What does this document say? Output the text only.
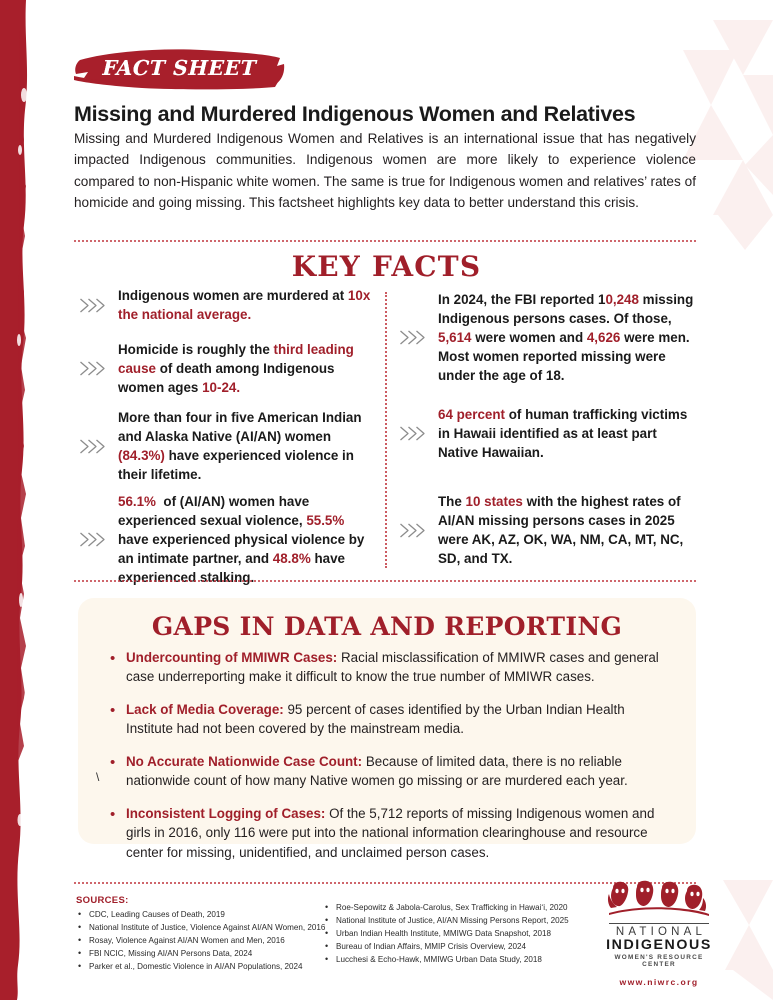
FACT SHEET
Missing and Murdered Indigenous Women and Relatives
Missing and Murdered Indigenous Women and Relatives is an international issue that has negatively impacted Indigenous communities. Indigenous women are more likely to experience violence compared to non-Hispanic white women. The same is true for Indigenous women and relatives’ rates of homicide and going missing. This factsheet highlights key data to better understand this crisis.
KEY FACTS
Indigenous women are murdered at 10x the national average.
Homicide is roughly the third leading cause of death among Indigenous women ages 10-24.
More than four in five American Indian and Alaska Native (AI/AN) women (84.3%) have experienced violence in their lifetime.
56.1%  of (AI/AN) women have experienced sexual violence, 55.5% have experienced physical violence by an intimate partner, and 48.8% have experienced stalking.
In 2024, the FBI reported 10,248 missing Indigenous persons cases. Of those, 5,614 were women and 4,626 were men. Most women reported missing were under the age of 18.
64 percent of human trafficking victims in Hawaii identified as at least part Native Hawaiian.
The 10 states with the highest rates of AI/AN missing persons cases in 2025 were AK, AZ, OK, WA, NM, CA, MT, NC, SD, and TX.
GAPS IN DATA AND REPORTING
• Undercounting of MMIWR Cases: Racial misclassification of MMIWR cases and general case underreporting make it difficult to know the true number of MMIWR cases.
• Lack of Media Coverage: 95 percent of cases identified by the Urban Indian Health Institute had not been covered by the mainstream media.
• No Accurate Nationwide Case Count: Because of limited data, there is no reliable nationwide count of how many Native women go missing or are murdered each year.
• Inconsistent Logging of Cases: Of the 5,712 reports of missing Indigenous women and girls in 2016, only 116 were put into the national information clearinghouse and resource center for missing, unidentified, and unclaimed person cases.
\
SOURCES:
• CDC, Leading Causes of Death, 2019
• National Institute of Justice, Violence Against AI/AN Women, 2016
• Rosay, Violence Against AI/AN Women and Men, 2016
• FBI NCIC, Missing AI/AN Persons Data, 2024
• Parker et al., Domestic Violence in AI/AN Populations, 2024
• Roe-Sepowitz & Jabola-Carolus, Sex Trafficking in Hawaiʻi, 2020
• National Institute of Justice, AI/AN Missing Persons Report, 2025
• Urban Indian Health Institute, MMIWG Data Snapshot, 2018
• Bureau of Indian Affairs, MMIP Crisis Overview, 2024
• Lucchesi & Echo-Hawk, MMIWG Urban Data Study, 2018
NATIONAL
INDIGENOUS
WOMEN'S RESOURCE CENTER
www.niwrc.org
